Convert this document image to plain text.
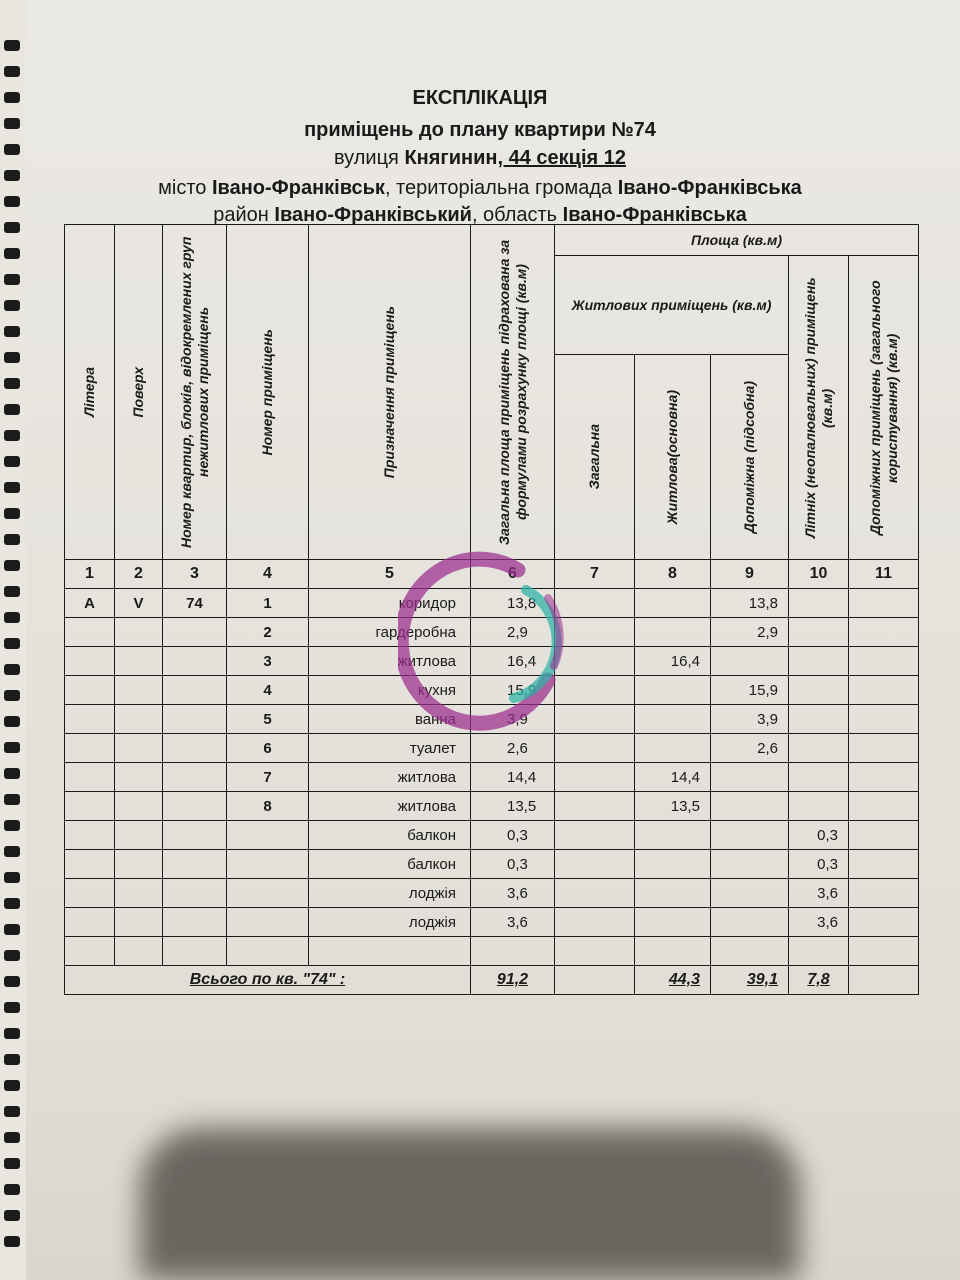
ЕКСПЛІКАЦІЯ
приміщень до плану квартири №74
вулиця Княгинин, 44 секція 12
місто Івано-Франківськ, територіальна громада Івано-Франківська
район Івано-Франківський, область Івано-Франківська
Літера	Поверх	Номер квартир, блоків, відокремлених груп нежитлових приміщень	Номер приміщень	Призначення приміщень	Загальна площа приміщень підрахована за формулами розрахунку площі (кв.м)	Площа (кв.м)				

						Житлових приміщень (кв.м)			Літніх (неопалювальних) приміщень (кв.м)	Допоміжних приміщень (загального користування) (кв.м)

						Загальна	Житлова(основна)	Допоміжна (підсобна)		

1	2	3	4	5	6	7	8	9	10	11
А	V	74	1	коридор	13,8			13,8		
			2	гардеробна	2,9			2,9		
			3	житлова	16,4		16,4			
			4	кухня	15,9			15,9		
			5	ванна	3,9			3,9		
			6	туалет	2,6			2,6		
			7	житлова	14,4		14,4			
			8	житлова	13,5		13,5			
				балкон	0,3				0,3	
				балкон	0,3				0,3	
				лоджія	3,6				3,6	
				лоджія	3,6				3,6	

Всього по кв. "74" :					91,2		44,3	39,1	7,8	
